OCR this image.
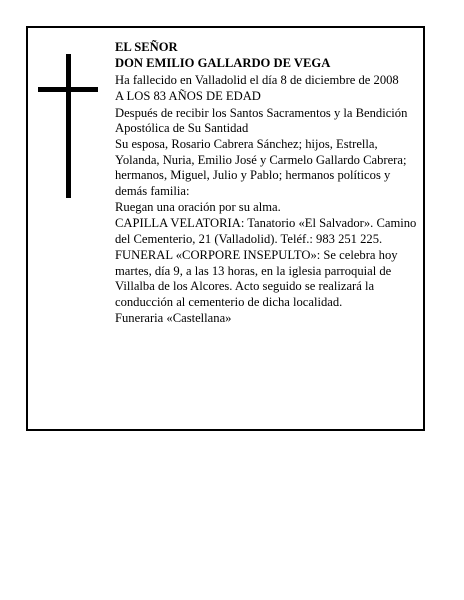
EL SEÑOR

DON EMILIO GALLARDO DE VEGA

Ha fallecido en Valladolid el día 8 de diciembre de 2008

A LOS 83 AÑOS DE EDAD

Después de recibir los Santos Sacramentos y la Bendición Apostólica de Su Santidad

Su esposa, Rosario Cabrera Sánchez; hijos, Estrella, Yolanda, Nuria, Emilio José y Carmelo Gallardo Cabrera; hermanos, Miguel, Julio y Pablo; hermanos políticos y demás familia:

Ruegan una oración por su alma.

CAPILLA VELATORIA: Tanatorio «El Salvador». Camino del Cementerio, 21 (Valladolid). Teléf.: 983 251 225.

FUNERAL «CORPORE INSEPULTO»: Se celebra hoy martes, día 9, a las 13 horas, en la iglesia parroquial de Villalba de los Alcores. Acto seguido se realizará la conducción al cementerio de dicha localidad.

Funeraria «Castellana»
